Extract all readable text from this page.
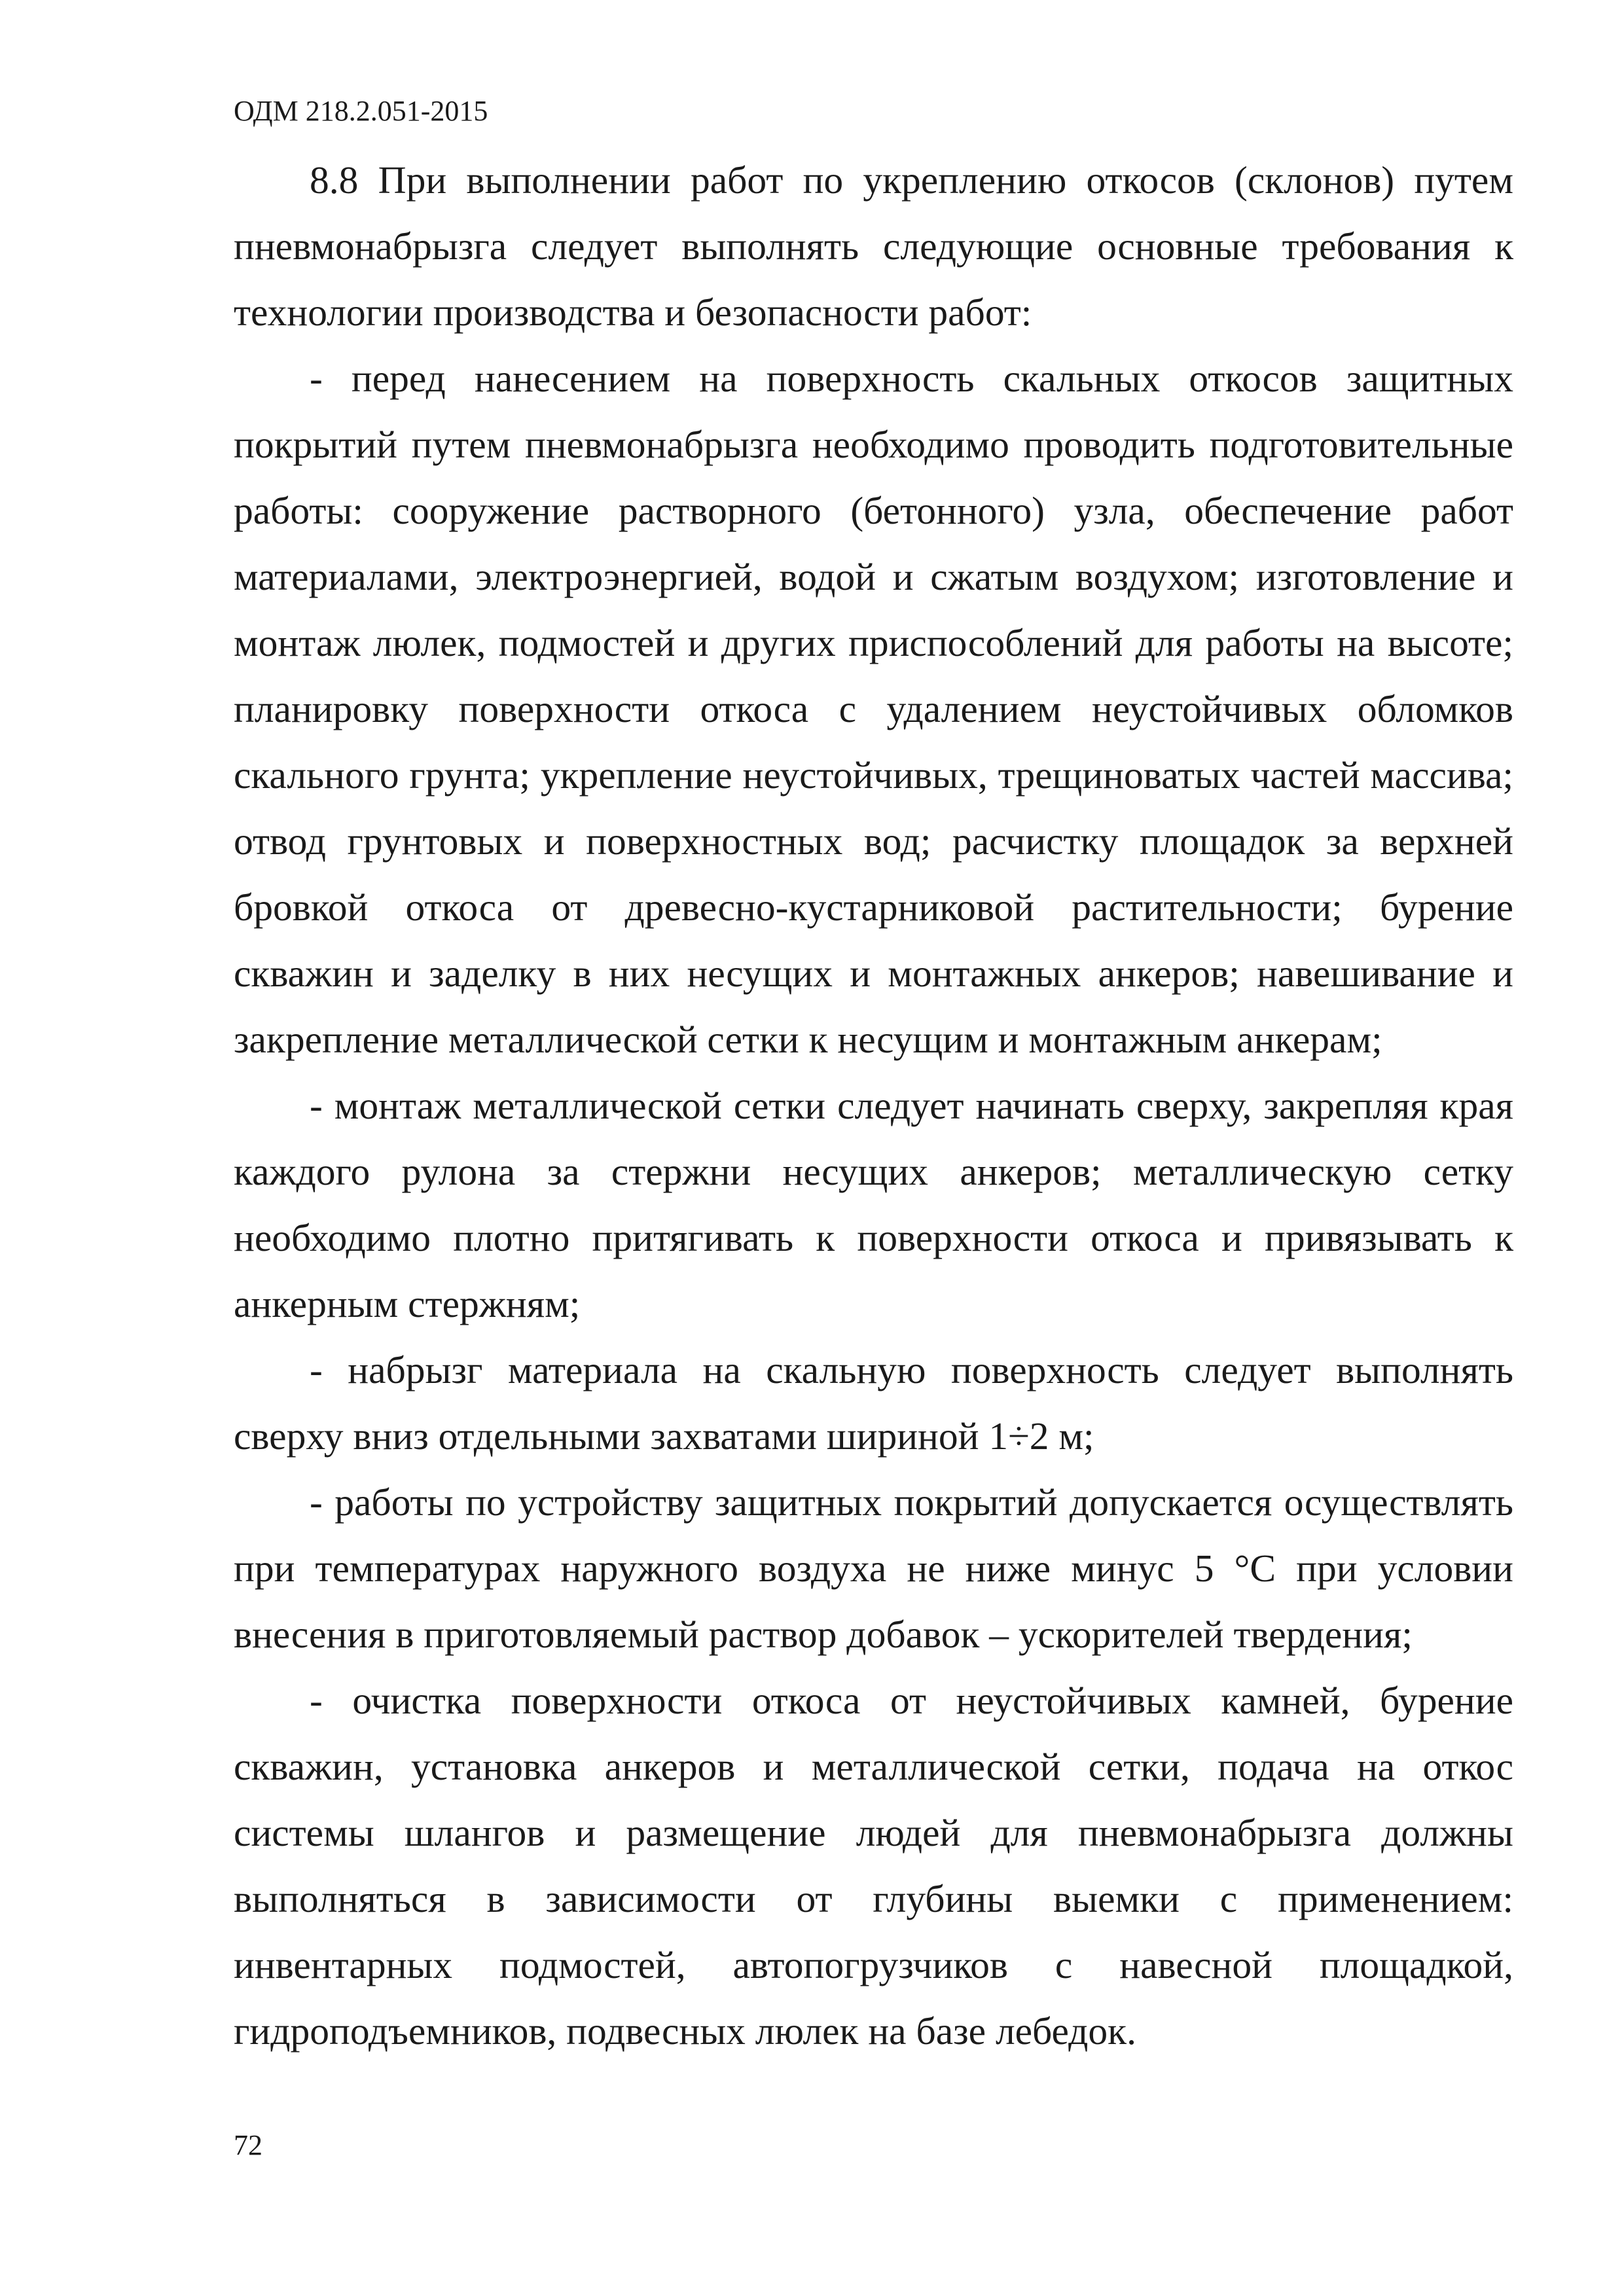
ОДМ 218.2.051-2015

8.8 При выполнении работ по укреплению откосов (склонов) путем пневмонабрызга следует выполнять следующие основные требования к технологии производства и безопасности работ:

- перед нанесением на поверхность скальных откосов защитных покрытий путем пневмонабрызга необходимо проводить подготовительные работы: сооружение растворного (бетонного) узла, обеспечение работ материалами, электроэнергией, водой и сжатым воздухом; изготовление и монтаж люлек, подмостей и других приспособлений для работы на высоте; планировку поверхности откоса с удалением неустойчивых обломков скального грунта; укрепление неустойчивых, трещиноватых частей массива; отвод грунтовых и поверхностных вод; расчистку площадок за верхней бровкой откоса от древесно-кустарниковой растительности; бурение скважин и заделку в них несущих и монтажных анкеров; навешивание и закрепление металлической сетки к несущим и монтажным анкерам;

- монтаж металлической сетки следует начинать сверху, закрепляя края каждого рулона за стержни несущих анкеров; металлическую сетку необходимо плотно притягивать к поверхности откоса и привязывать к анкерным стержням;

- набрызг материала на скальную поверхность следует выполнять сверху вниз отдельными захватами шириной 1÷2 м;

- работы по устройству защитных покрытий допускается осуществлять при температурах наружного воздуха не ниже минус 5 °С при условии внесения в приготовляемый раствор добавок – ускорителей твердения;

- очистка поверхности откоса от неустойчивых камней, бурение скважин, установка анкеров и металлической сетки, подача на откос системы шлангов и размещение людей для пневмонабрызга должны выполняться в зависимости от глубины выемки с применением: инвентарных подмостей, автопогрузчиков с навесной площадкой, гидроподъемников, подвесных люлек на базе лебедок.

72
